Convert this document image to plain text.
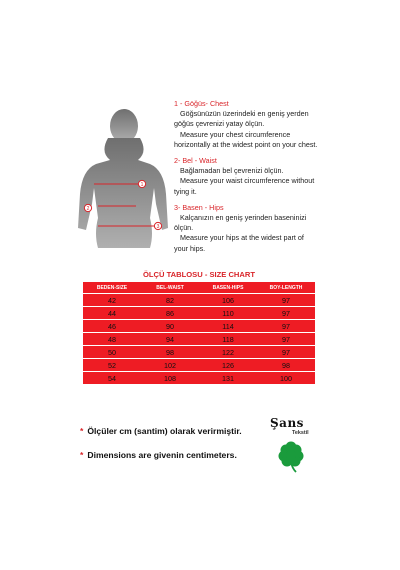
1
2
3
1 - Göğüs- Chest
Göğsünüzün üzerindeki en geniş yerden
göğüs çevrenizi yatay ölçün.
Measure your chest circumference
horizontally at the widest point on your chest.
2- Bel - Waist
Bağlamadan bel çevrenizi ölçün.
Measure your waist circumference without
tying it.
3- Basen - Hips
Kalçanızın en geniş yerinden baseninizi
ölçün.
Measure your hips at the widest part of
your hips.
ÖLÇÜ TABLOSU - SIZE CHART
BEDEN-SIZE	BEL-WAIST	BASEN-HIPS	BOY-LENGTH
42	82	106	97
44	86	110	97
46	90	114	97
48	94	118	97
50	98	122	97
52	102	126	98
54	108	131	100
* Ölçüler cm (santim) olarak verirmiştir.
* Dimensions are givenin centimeters.
Şans
Tekstil
